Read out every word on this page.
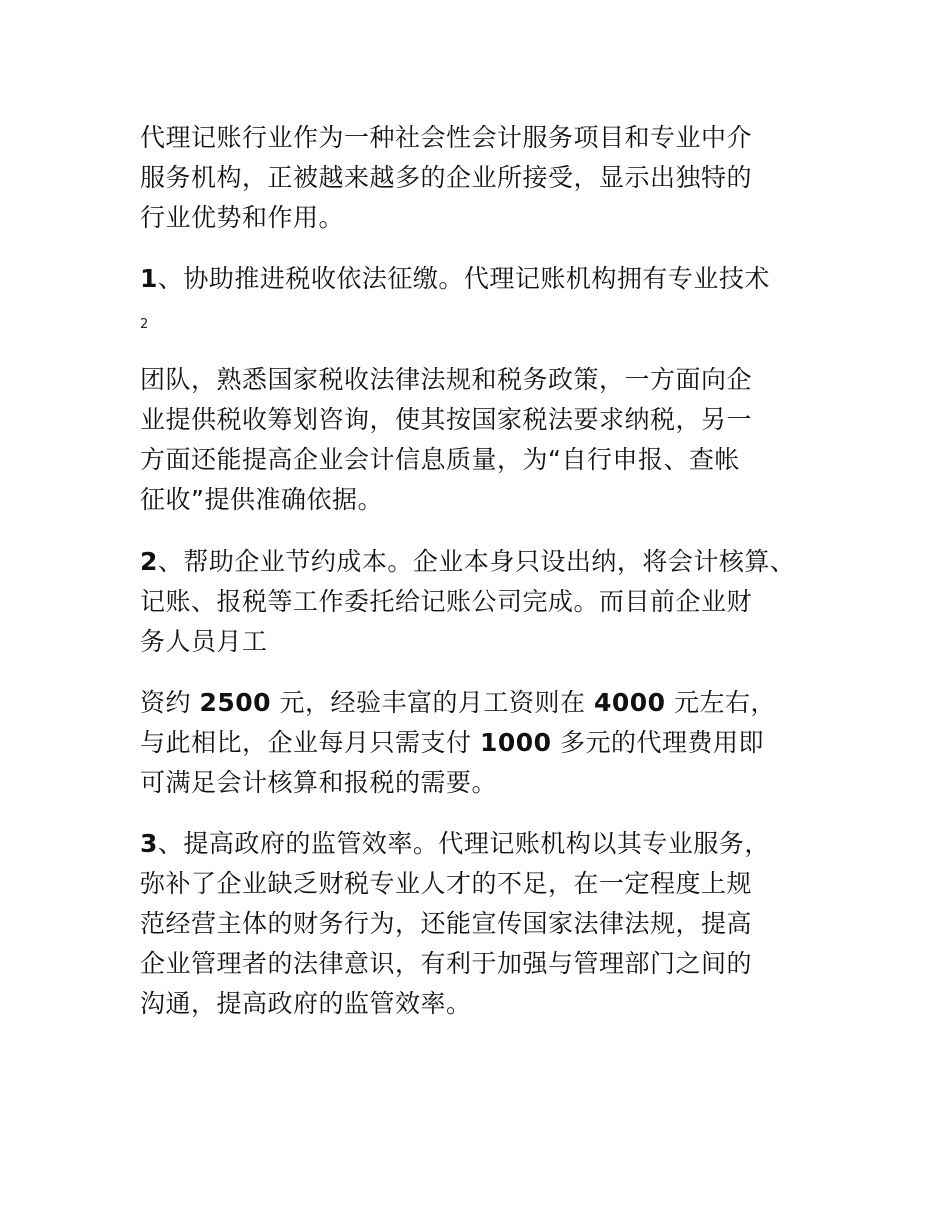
代理记账行业作为一种社会性会计服务项目和专业中介
服务机构，正被越来越多的企业所接受，显示出独特的
行业优势和作用。

1、协助推进税收依法征缴。代理记账机构拥有专业技术

2

团队，熟悉国家税收法律法规和税务政策，一方面向企
业提供税收筹划咨询，使其按国家税法要求纳税，另一
方面还能提高企业会计信息质量，为“自行申报、查帐
征收”提供准确依据。

2、帮助企业节约成本。企业本身只设出纳，将会计核算、
记账、报税等工作委托给记账公司完成。而目前企业财
务人员月工

资约 2500 元，经验丰富的月工资则在 4000 元左右，
与此相比，企业每月只需支付 1000 多元的代理费用即
可满足会计核算和报税的需要。

3、提高政府的监管效率。代理记账机构以其专业服务，
弥补了企业缺乏财税专业人才的不足，在一定程度上规
范经营主体的财务行为，还能宣传国家法律法规，提高
企业管理者的法律意识，有利于加强与管理部门之间的
沟通，提高政府的监管效率。
